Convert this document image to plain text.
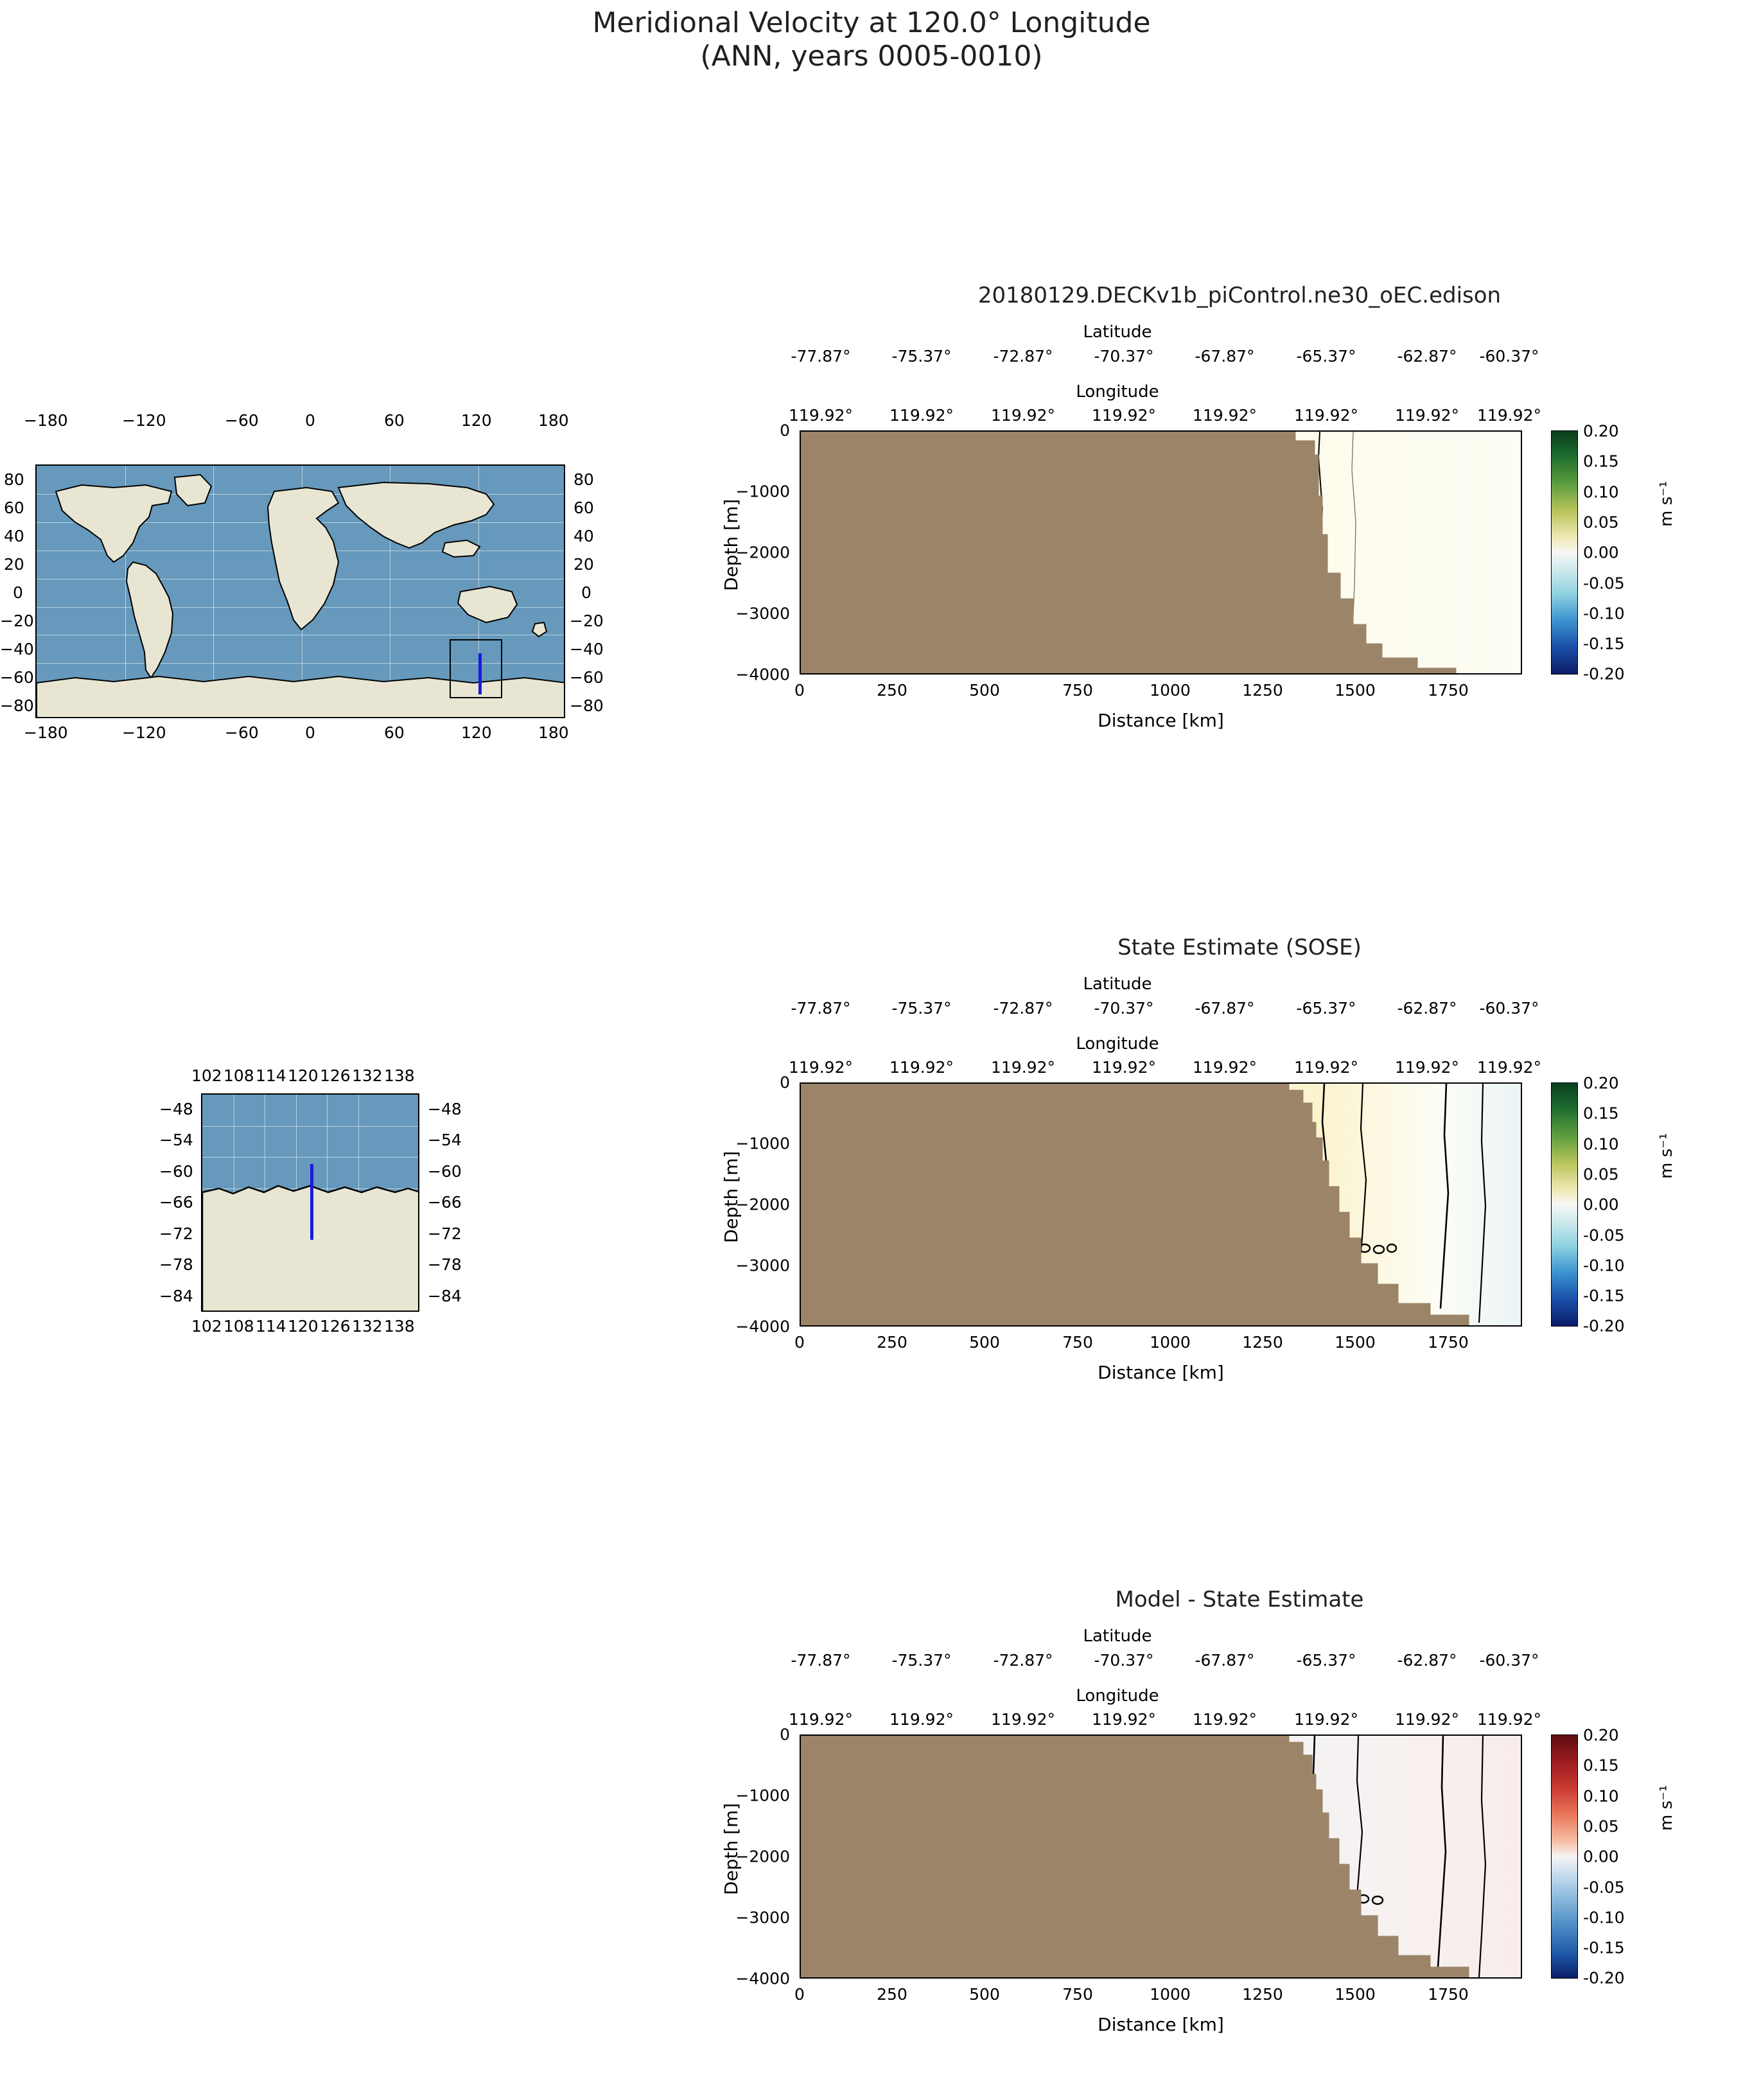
Meridional Velocity at 120.0° Longitude
(ANN, years 0005-0010)
−180	−120	−60	0	60	120	180
80
60
40
20
0
−20
−40
−60
−80
80
60
40
20
0
−20
−40
−60
−80
−180	−120	−60	0	60	120	180
102 108 114 120 126 132 138
−48
−54
−60
−66
−72
−78
−84
−48
−54
−60
−66
−72
−78
−84
102 108 114 120 126 132 138
20180129.DECKv1b_piControl.ne30_oEC.edison
Latitude
-77.87°	-75.37°	-72.87°	-70.37°	-67.87°	-65.37°	-62.87° -60.37°
Longitude
119.92° 119.92° 119.92° 119.92° 119.92° 119.92° 119.92° 119.92°
Depth [m]
0
−1000
−2000
−3000
−4000
0	250	500	750	1000	1250	1500	1750
Distance [km]
0.20
0.15
0.10
0.05
0.00
-0.05
-0.10
-0.15
-0.20
m s⁻¹
State Estimate (SOSE)
Latitude
-77.87°	-75.37°	-72.87°	-70.37°	-67.87°	-65.37°	-62.87° -60.37°
Longitude
119.92° 119.92° 119.92° 119.92° 119.92° 119.92° 119.92° 119.92°
Depth [m]
0
−1000
−2000
−3000
−4000
0	250	500	750	1000	1250	1500	1750
Distance [km]
0.20
0.15
0.10
0.05
0.00
-0.05
-0.10
-0.15
-0.20
m s⁻¹
Model - State Estimate
Latitude
-77.87°	-75.37°	-72.87°	-70.37°	-67.87°	-65.37°	-62.87° -60.37°
Longitude
119.92° 119.92° 119.92° 119.92° 119.92° 119.92° 119.92° 119.92°
Depth [m]
0
−1000
−2000
−3000
−4000
0	250	500	750	1000	1250	1500	1750
Distance [km]
0.20
0.15
0.10
0.05
0.00
-0.05
-0.10
-0.15
-0.20
m s⁻¹
